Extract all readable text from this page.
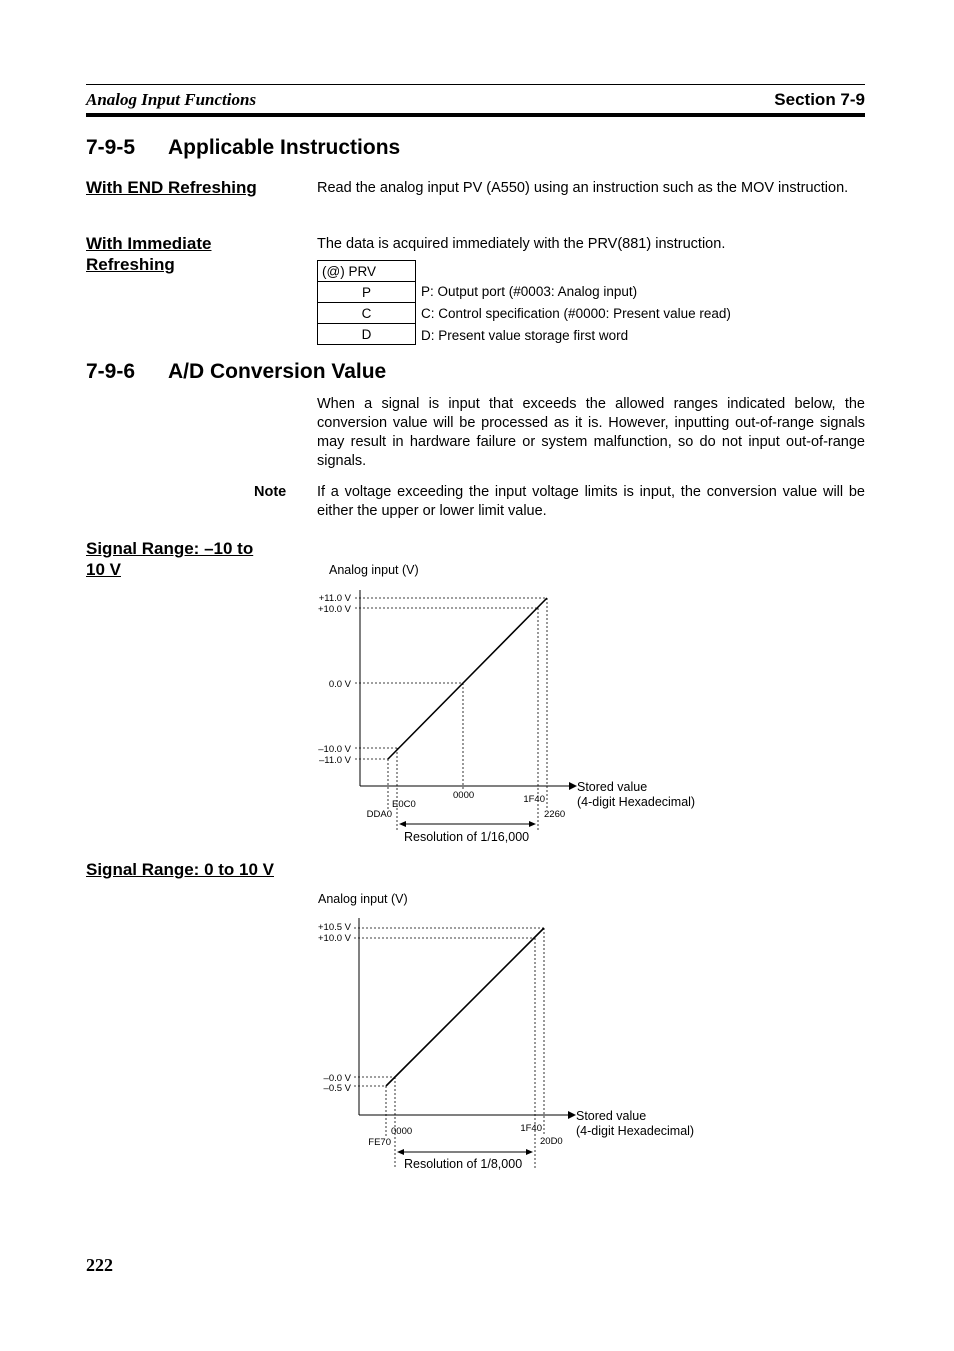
Analog Input Functions	Section 7-9
7-9-5 Applicable Instructions
With END Refreshing	Read the analog input PV (A550) using an instruction such as the MOV instruction.
With Immediate
Refreshing
The data is acquired immediately with the PRV(881) instruction.
(@) PRV
P
C
D
P: Output port (#0003: Analog input)
C: Control specification (#0000: Present value read)
D: Present value storage first word
7-9-6 A/D Conversion Value
When a signal is input that exceeds the allowed ranges indicated below, the conversion value will be processed as it is. However, inputting out-of-range signals may result in hardware failure or system malfunction, so do not input out-of-range signals.
Note If a voltage exceeding the input voltage limits is input, the conversion value will be either the upper or lower limit value.
Signal Range: –10 to
10 V
+11.0 V
+10.0 V
0.0 V
–10.0 V
–11.0 V
DDA0
E0C0
0000	1F40
2260
Analog input (V)
Stored value
(4-digit Hexadecimal)
Resolution of 1/16,000
Signal Range: 0 to 10 V
+10.5 V
+10.0 V
–0.0 V
–0.5 V
FE70
0000	1F40
20D0
Analog input (V)
Stored value
(4-digit Hexadecimal)
Resolution of 1/8,000
222
